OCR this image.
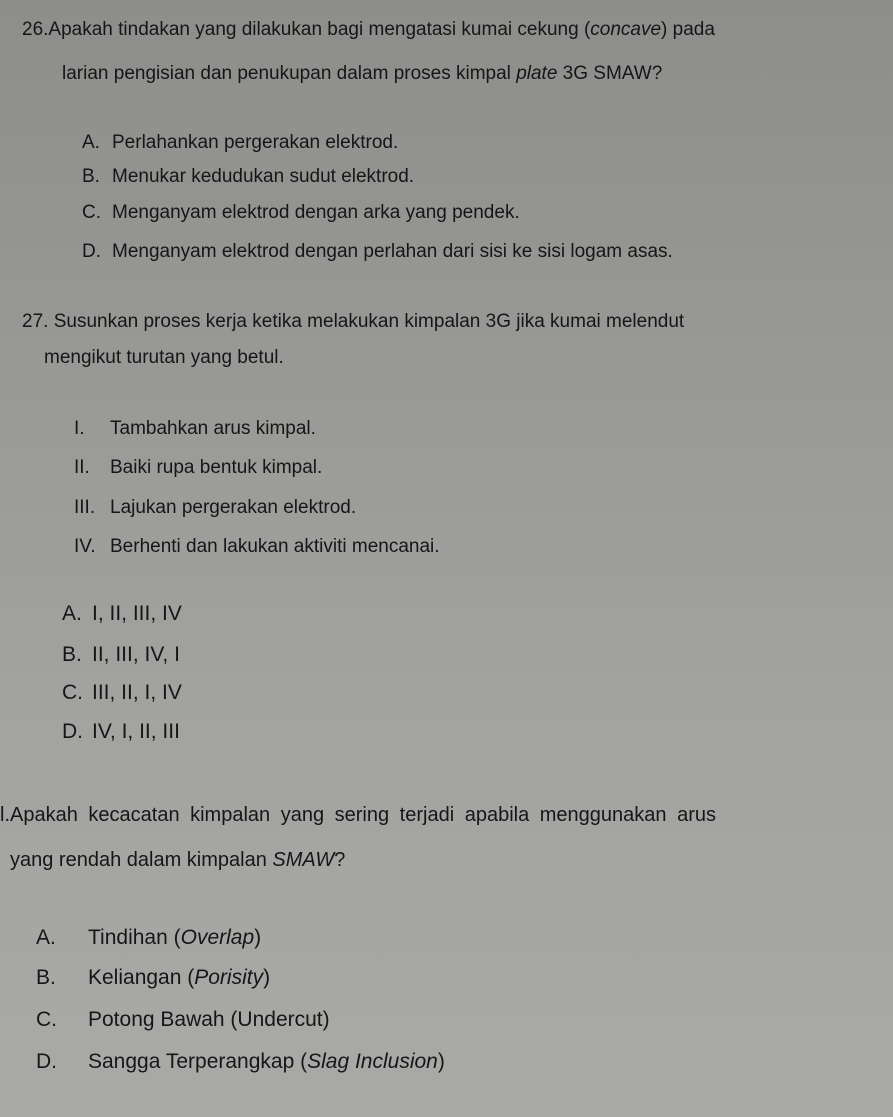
26.Apakah tindakan yang dilakukan bagi mengatasi kumai cekung (concave) pada
larian pengisian dan penukupan dalam proses kimpal plate 3G SMAW?
A. Perlahankan pergerakan elektrod.
B. Menukar kedudukan sudut elektrod.
C. Menganyam elektrod dengan arka yang pendek.
D. Menganyam elektrod dengan perlahan dari sisi ke sisi logam asas.
27. Susunkan proses kerja ketika melakukan kimpalan 3G jika kumai melendut
mengikut turutan yang betul.
I. Tambahkan arus kimpal.
II. Baiki rupa bentuk kimpal.
III. Lajukan pergerakan elektrod.
IV. Berhenti dan lakukan aktiviti mencanai.
A. I, II, III, IV
B. II, III, IV, I
C. III, II, I, IV
D. IV, I, II, III
l.Apakah kecacatan kimpalan yang sering terjadi apabila menggunakan arus
yang rendah dalam kimpalan SMAW?
A. Tindihan (Overlap)
B. Keliangan (Porisity)
C. Potong Bawah (Undercut)
D. Sangga Terperangkap (Slag Inclusion)
